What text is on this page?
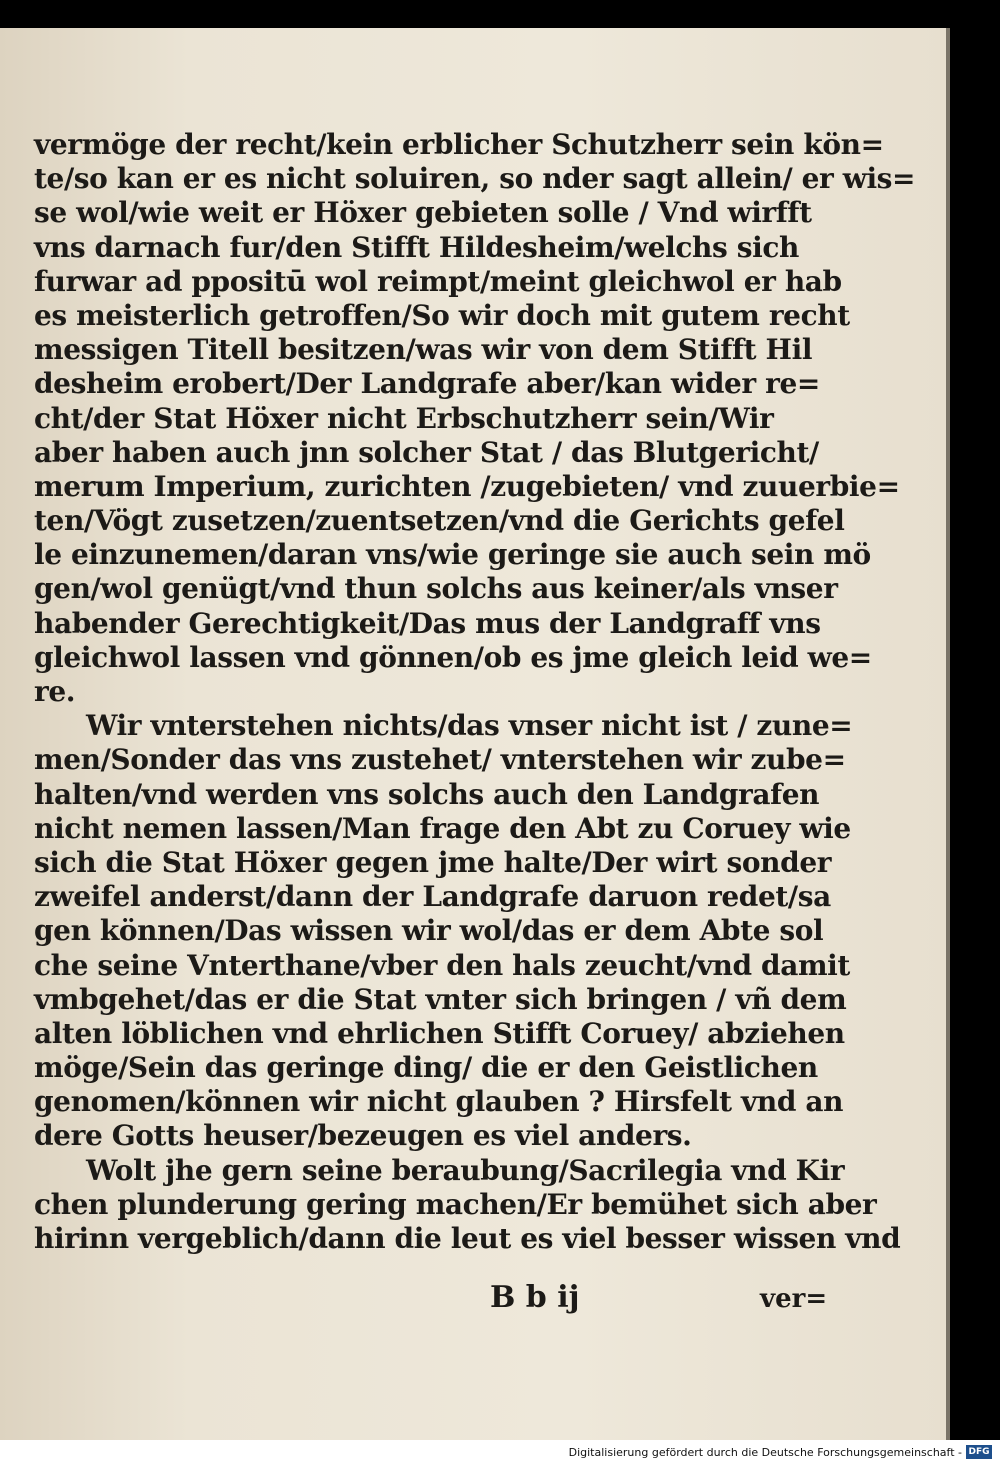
vermöge der recht/kein erblicher Schutzherr sein kön=
te/so kan er es nicht soluiren, so nder sagt allein/ er wis=
se wol/wie weit er Höxer gebieten solle / Vnd wirfft
vns darnach fur/den Stifft Hildesheim/welchs sich
furwar ad ppositū wol reimpt/meint gleichwol er hab
es meisterlich getroffen/So wir doch mit gutem recht
messigen Titell besitzen/was wir von dem Stifft Hil
desheim erobert/Der Landgrafe aber/kan wider re=
cht/der Stat Höxer nicht Erbschutzherr sein/Wir
aber haben auch jnn solcher Stat / das Blutgericht/
merum Imperium, zurichten /zugebieten/ vnd zuuerbie=
ten/Vögt zusetzen/zuentsetzen/vnd die Gerichts gefel
le einzunemen/daran vns/wie geringe sie auch sein mö
gen/wol genügt/vnd thun solchs aus keiner/als vnser
habender Gerechtigkeit/Das mus der Landgraff vns
gleichwol lassen vnd gönnen/ob es jme gleich leid we=
re.
Wir vnterstehen nichts/das vnser nicht ist / zune=
men/Sonder das vns zustehet/ vnterstehen wir zube=
halten/vnd werden vns solchs auch den Landgrafen
nicht nemen lassen/Man frage den Abt zu Coruey wie
sich die Stat Höxer gegen jme halte/Der wirt sonder
zweifel anderst/dann der Landgrafe daruon redet/sa
gen können/Das wissen wir wol/das er dem Abte sol
che seine Vnterthane/vber den hals zeucht/vnd damit
vmbgehet/das er die Stat vnter sich bringen / vñ dem
alten löblichen vnd ehrlichen Stifft Coruey/ abziehen
möge/Sein das geringe ding/ die er den Geistlichen
genomen/können wir nicht glauben ? Hirsfelt vnd an
dere Gotts heuser/bezeugen es viel anders.
Wolt jhe gern seine beraubung/Sacrilegia vnd Kir
chen plunderung gering machen/Er bemühet sich aber
hirinn vergeblich/dann die leut es viel besser wissen vnd
B b ij	ver=
Digitalisierung gefördert durch die Deutsche Forschungsgemeinschaft - DFG
